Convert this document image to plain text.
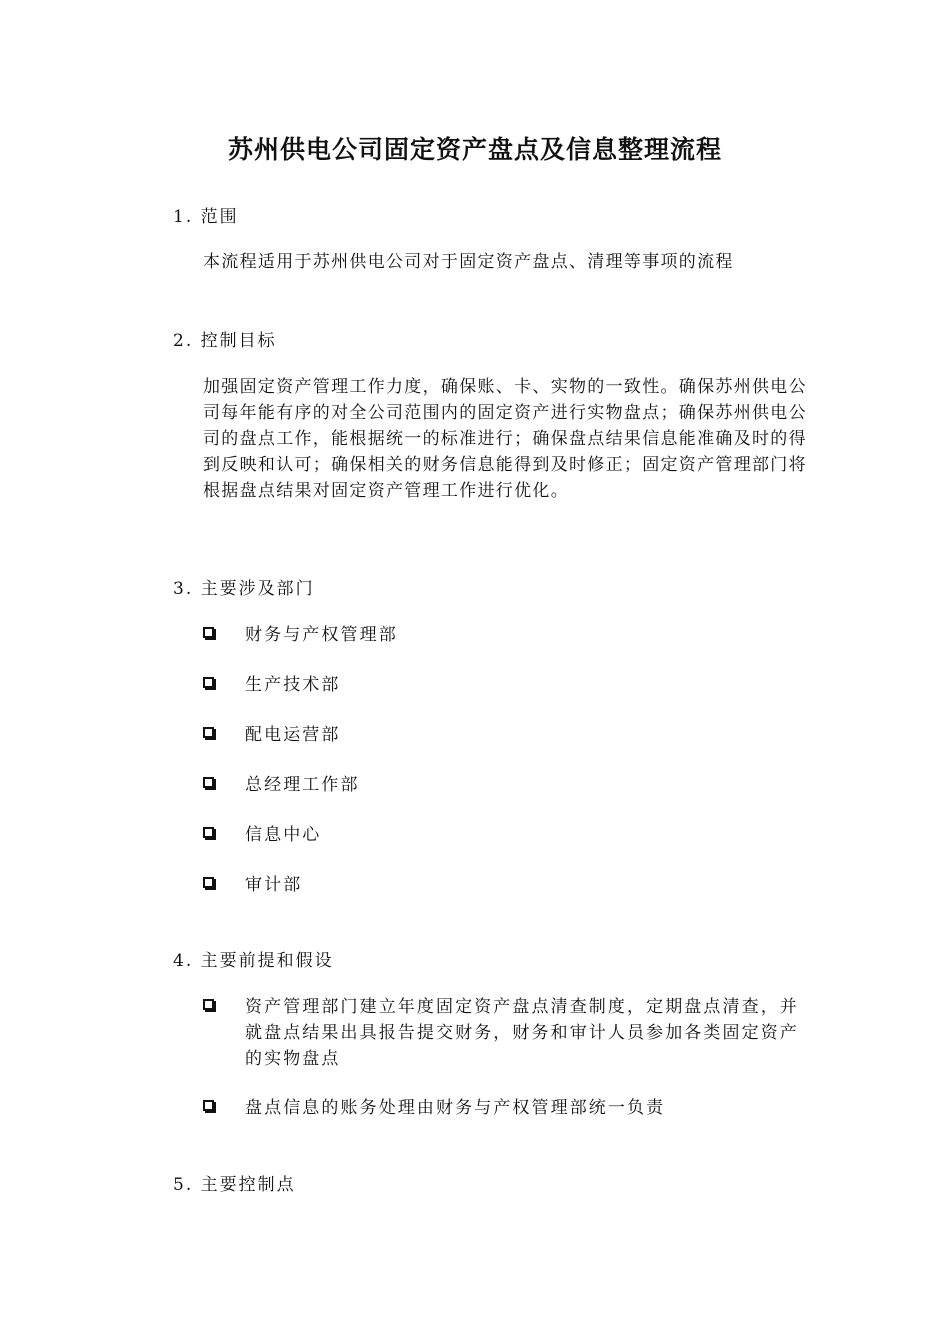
苏州供电公司固定资产盘点及信息整理流程
1. 范围
本流程适用于苏州供电公司对于固定资产盘点、清理等事项的流程
2. 控制目标
加强固定资产管理工作力度，确保账、卡、实物的一致性。确保苏州供电公司每年能有序的对全公司范围内的固定资产进行实物盘点；确保苏州供电公司的盘点工作，能根据统一的标准进行；确保盘点结果信息能准确及时的得到反映和认可；确保相关的财务信息能得到及时修正；固定资产管理部门将根据盘点结果对固定资产管理工作进行优化。
3. 主要涉及部门
财务与产权管理部
生产技术部
配电运营部
总经理工作部
信息中心
审计部
4. 主要前提和假设
资产管理部门建立年度固定资产盘点清查制度，定期盘点清查，并就盘点结果出具报告提交财务，财务和审计人员参加各类固定资产的实物盘点
盘点信息的账务处理由财务与产权管理部统一负责
5. 主要控制点
